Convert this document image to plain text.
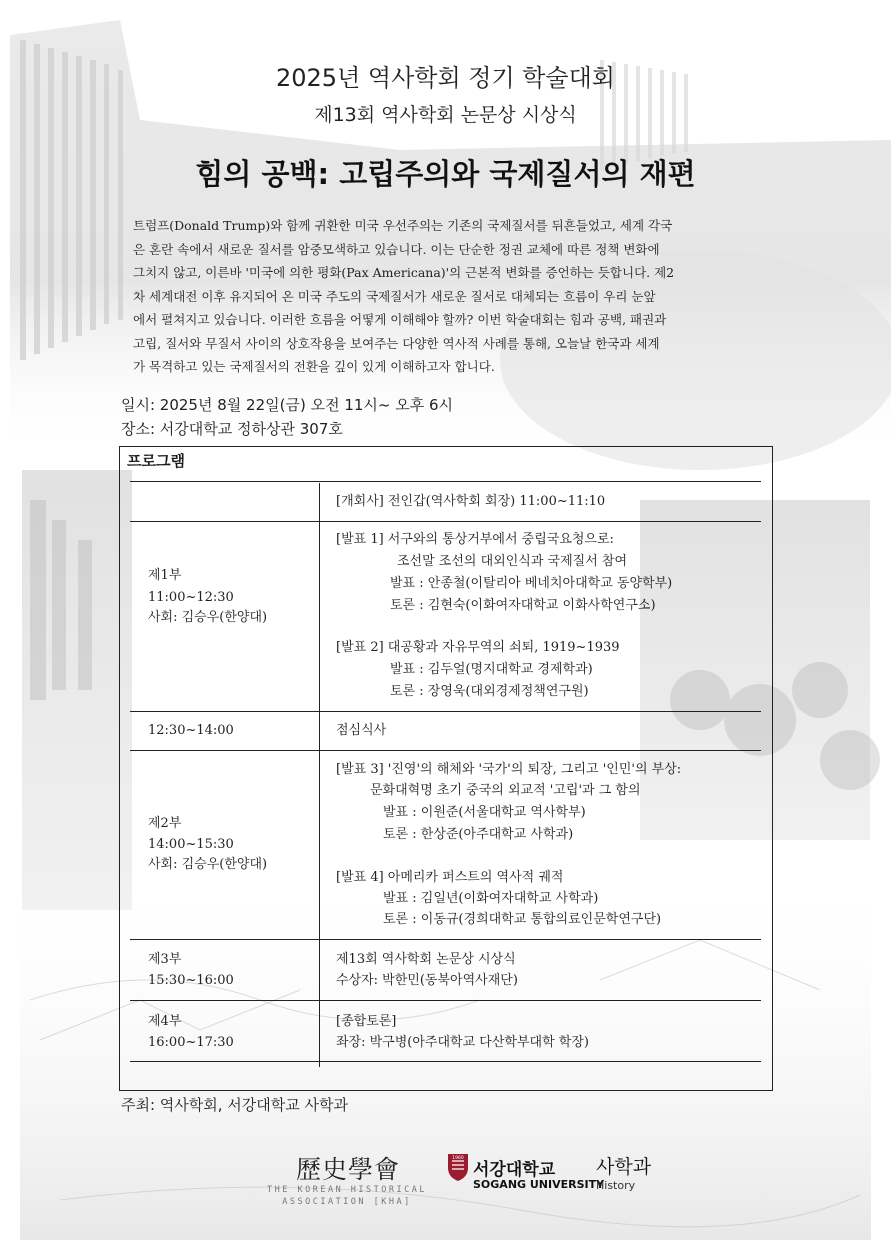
2025년 역사학회 정기 학술대회
제13회 역사학회 논문상 시상식
힘의 공백: 고립주의와 국제질서의 재편
트럼프(Donald Trump)와 함께 귀환한 미국 우선주의는 기존의 국제질서를 뒤흔들었고, 세계 각국
은 혼란 속에서 새로운 질서를 암중모색하고 있습니다. 이는 단순한 정권 교체에 따른 정책 변화에
그치지 않고, 이른바 '미국에 의한 평화(Pax Americana)'의 근본적 변화를 증언하는 듯합니다. 제2
차 세계대전 이후 유지되어 온 미국 주도의 국제질서가 새로운 질서로 대체되는 흐름이 우리 눈앞
에서 펼쳐지고 있습니다. 이러한 흐름을 어떻게 이해해야 할까? 이번 학술대회는 힘과 공백, 패권과
고립, 질서와 무질서 사이의 상호작용을 보여주는 다양한 역사적 사례를 통해, 오늘날 한국과 세계
가 목격하고 있는 국제질서의 전환을 깊이 있게 이해하고자 합니다.
일시: 2025년 8월 22일(금) 오전 11시~ 오후 6시
장소: 서강대학교 정하상관 307호
프로그램
[개회사] 전인갑(역사학회 회장) 11:00~11:10
제1부
11:00~12:30
사회: 김승우(한양대)
[발표 1] 서구와의 통상거부에서 중립국요청으로:
조선말 조선의 대외인식과 국제질서 참여
발표 : 안종철(이탈리아 베네치아대학교 동양학부)
토론 : 김현숙(이화여자대학교 이화사학연구소)
[발표 2] 대공황과 자유무역의 쇠퇴, 1919~1939
발표 : 김두얼(명지대학교 경제학과)
토론 : 장영욱(대외경제정책연구원)
12:30~14:00	점심식사
제2부
14:00~15:30
사회: 김승우(한양대)
[발표 3] '진영'의 해체와 '국가'의 퇴장, 그리고 '인민'의 부상:
문화대혁명 초기 중국의 외교적 '고립'과 그 함의
발표 : 이원준(서울대학교 역사학부)
토론 : 한상준(아주대학교 사학과)
[발표 4] 아메리카 퍼스트의 역사적 궤적
발표 : 김일년(이화여자대학교 사학과)
토론 : 이동규(경희대학교 통합의료인문학연구단)
제3부
15:30~16:00
제13회 역사학회 논문상 시상식
수상자: 박한민(동북아역사재단)
제4부
16:00~17:30
[종합토론]
좌장: 박구병(아주대학교 다산학부대학 학장)
주최: 역사학회, 서강대학교 사학과
歷史學會
THE KOREAN HISTORICAL
ASSOCIATION [KHA]
1960
서강대학교
SOGANG UNIVERSITY
사학과
History
